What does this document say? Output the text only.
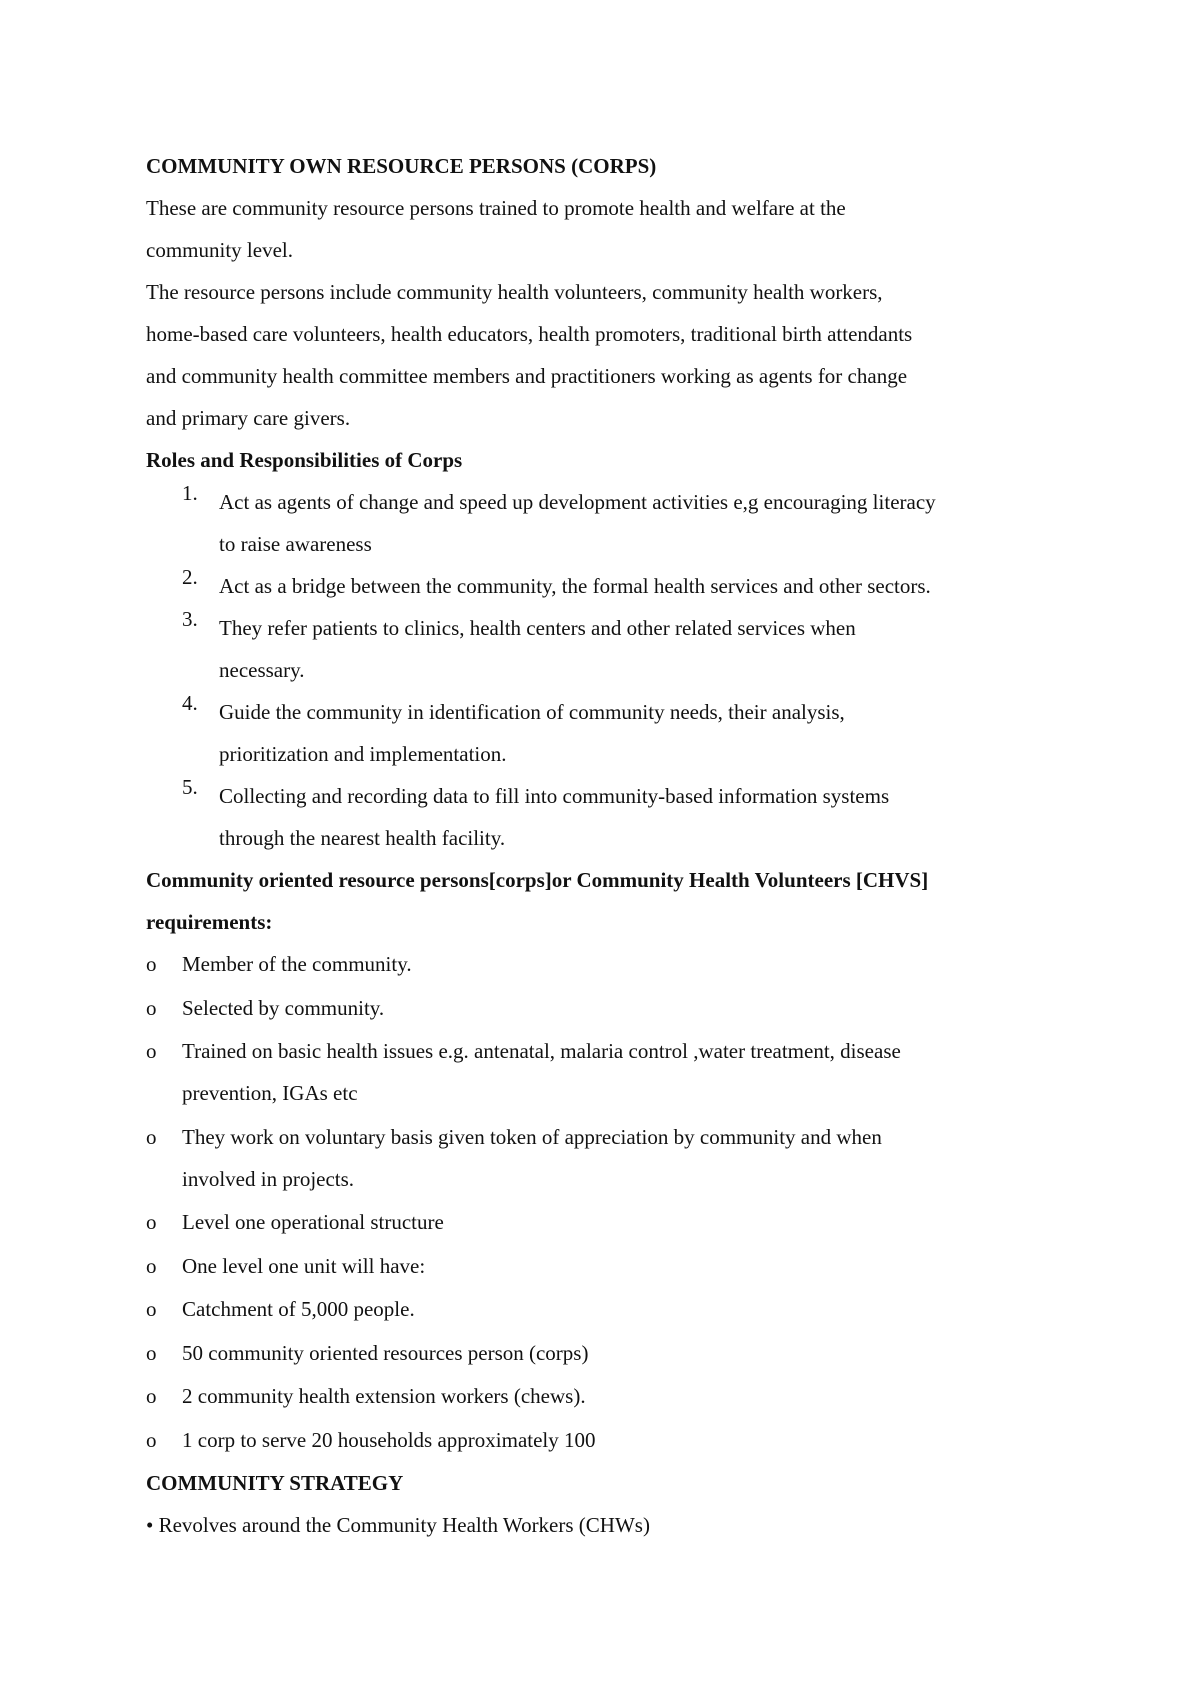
COMMUNITY OWN RESOURCE PERSONS (CORPS)

These are community resource persons trained to promote health and welfare at the

community level.

The resource persons include community health volunteers, community health workers,

home-based care volunteers, health educators, health promoters, traditional birth attendants

and community health committee members and practitioners working as agents for change

and primary care givers.

Roles and Responsibilities of Corps

1. Act as agents of change and speed up development activities e,g encouraging literacy
to raise awareness
2. Act as a bridge between the community, the formal health services and other sectors.
3. They refer patients to clinics, health centers and other related services when
necessary.
4. Guide the community in identification of community needs, their analysis,
prioritization and implementation.
5. Collecting and recording data to fill into community-based information systems
through the nearest health facility.

Community oriented resource persons[corps]or Community Health Volunteers [CHVS]

requirements:

o Member of the community.
o Selected by community.
o Trained on basic health issues e.g. antenatal, malaria control ,water treatment, disease
prevention, IGAs etc
o They work on voluntary basis given token of appreciation by community and when
involved in projects.
o Level one operational structure
o One level one unit will have:
o Catchment of 5,000 people.
o 50 community oriented resources person (corps)
o 2 community health extension workers (chews).
o 1 corp to serve 20 households approximately 100

COMMUNITY STRATEGY

• Revolves around the Community Health Workers (CHWs)
